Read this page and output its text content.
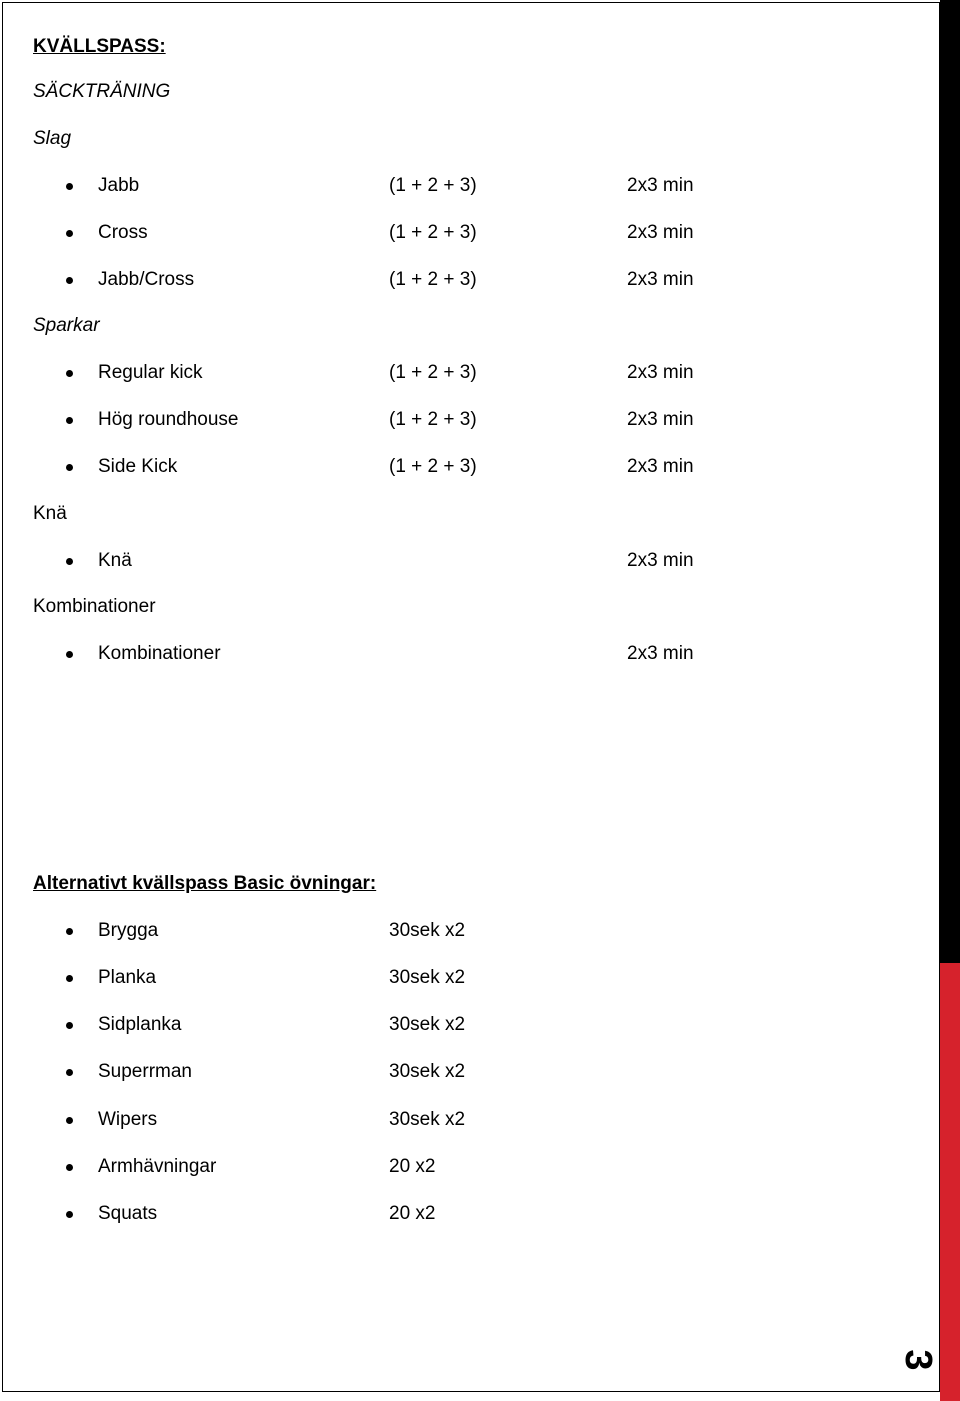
3
KVÄLLSPASS:
SÄCKTRÄNING
Slag
Jabb	(1 + 2 + 3)	2x3 min
Cross	(1 + 2 + 3)	2x3 min
Jabb/Cross	(1 + 2 + 3)	2x3 min
Sparkar
Regular kick	(1 + 2 + 3)	2x3 min
Hög roundhouse	(1 + 2 + 3)	2x3 min
Side Kick	(1 + 2 + 3)	2x3 min
Knä
Knä	2x3 min
Kombinationer
Kombinationer	2x3 min
Alternativt kvällspass Basic övningar:
Brygga	30sek x2
Planka	30sek x2
Sidplanka	30sek x2
Superrman	30sek x2
Wipers	30sek x2
Armhävningar	20 x2
Squats	20 x2
